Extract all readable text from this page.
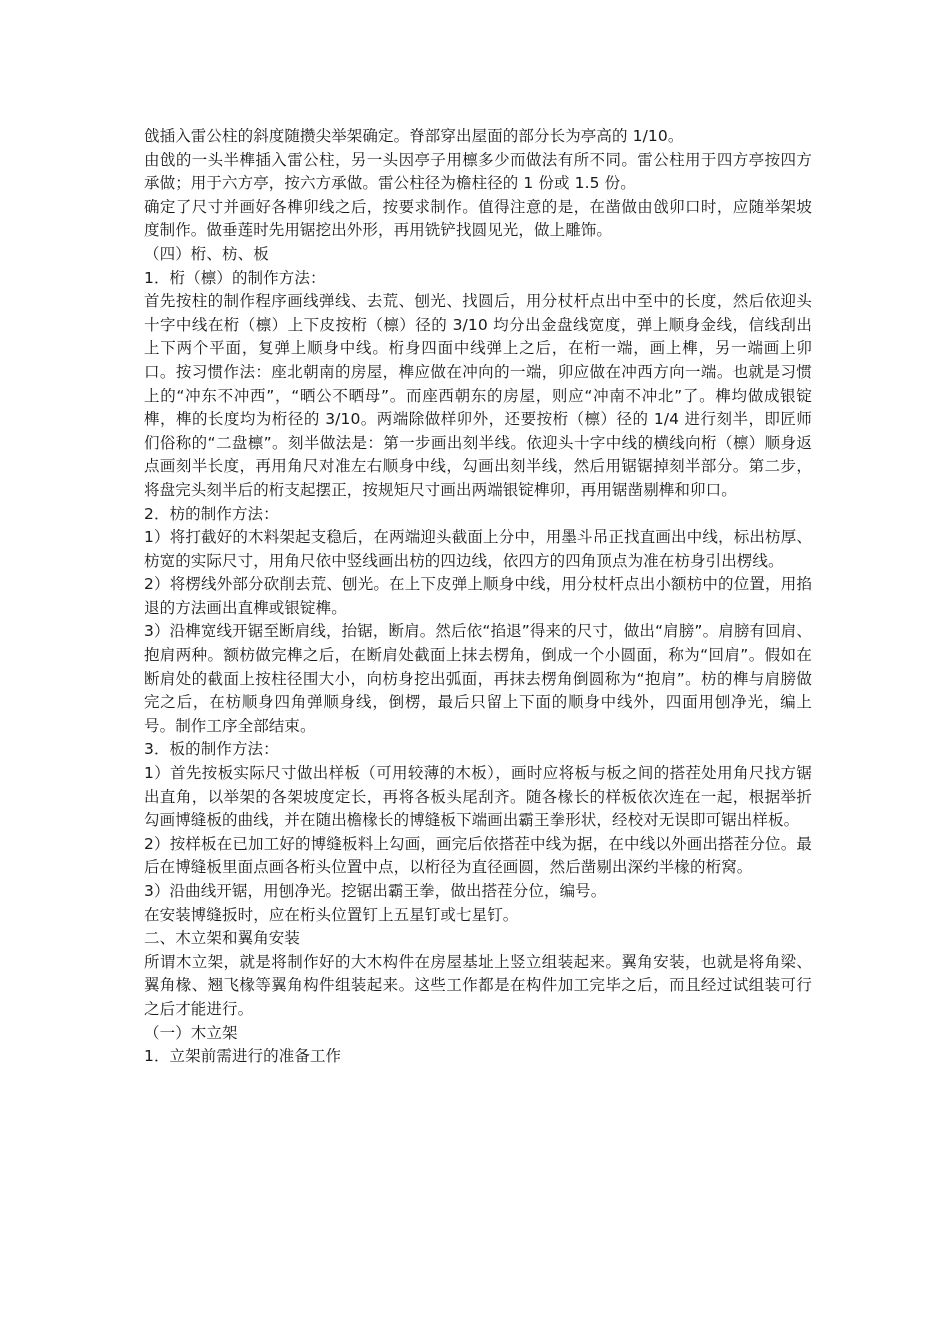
戗插入雷公柱的斜度随攒尖举架确定。脊部穿出屋面的部分长为亭高的 1/10。

由戗的一头半榫插入雷公柱，另一头因亭子用檩多少而做法有所不同。雷公柱用于四方亭按四方承做；用于六方亭，按六方承做。雷公柱径为檐柱径的 1 份或 1.5 份。

确定了尺寸并画好各榫卯线之后，按要求制作。值得注意的是，在凿做由戗卯口时，应随举架坡度制作。做垂莲时先用锯挖出外形，再用铣铲找圆见光，做上雕饰。

（四）桁、枋、板

1．桁（檩）的制作方法：

首先按柱的制作程序画线弹线、去荒、刨光、找圆后，用分杖杆点出中至中的长度，然后依迎头十字中线在桁（檩）上下皮按桁（檩）径的 3/10 均分出金盘线宽度，弹上顺身金线，信线刮出上下两个平面，复弹上顺身中线。桁身四面中线弹上之后，在桁一端，画上榫，另一端画上卯口。按习惯作法：座北朝南的房屋，榫应做在冲向的一端，卯应做在冲西方向一端。也就是习惯上的“冲东不冲西”，“晒公不晒母”。而座西朝东的房屋，则应“冲南不冲北”了。榫均做成银锭榫，榫的长度均为桁径的 3/10。两端除做样卯外，还要按桁（檩）径的 1/4 进行刻半，即匠师们俗称的“二盘檩”。刻半做法是：第一步画出刻半线。依迎头十字中线的横线向桁（檩）顺身返点画刻半长度，再用角尺对准左右顺身中线，勾画出刻半线，然后用锯锯掉刻半部分。第二步，将盘完头刻半后的桁支起摆正，按规矩尺寸画出两端银锭榫卯，再用锯凿剔榫和卯口。

2．枋的制作方法：

1）将打截好的木料架起支稳后，在两端迎头截面上分中，用墨斗吊正找直画出中线，标出枋厚、枋宽的实际尺寸，用角尺依中竖线画出枋的四边线，依四方的四角顶点为准在枋身引出楞线。

2）将楞线外部分砍削去荒、刨光。在上下皮弹上顺身中线，用分杖杆点出小额枋中的位置，用掐退的方法画出直榫或银锭榫。

3）沿榫宽线开锯至断肩线，抬锯，断肩。然后依“掐退”得来的尺寸，做出“肩膀”。肩膀有回肩、抱肩两种。额枋做完榫之后，在断肩处截面上抹去楞角，倒成一个小圆面，称为“回肩”。假如在断肩处的截面上按柱径围大小，向枋身挖出弧面，再抹去楞角倒圆称为“抱肩”。枋的榫与肩膀做完之后，在枋顺身四角弹顺身线，倒楞，最后只留上下面的顺身中线外，四面用刨净光，编上号。制作工序全部结束。

3．板的制作方法：

1）首先按板实际尺寸做出样板（可用较薄的木板），画时应将板与板之间的搭茬处用角尺找方锯出直角，以举架的各架坡度定长，再将各板头尾刮齐。随各椽长的样板依次连在一起，根据举折勾画博缝板的曲线，并在随出檐椽长的博缝板下端画出霸王拳形状，经校对无误即可锯出样板。

2）按样板在已加工好的博缝板料上勾画，画完后依搭茬中线为据，在中线以外画出搭茬分位。最后在博缝板里面点画各桁头位置中点，以桁径为直径画圆，然后凿剔出深约半椽的桁窝。

3）沿曲线开锯，用刨净光。挖锯出霸王拳，做出搭茬分位，编号。

在安装博缝扳时，应在桁头位置钉上五星钉或七星钉。

二、木立架和翼角安装

所谓木立架，就是将制作好的大木构件在房屋基址上竖立组装起来。翼角安装，也就是将角梁、翼角椽、翘飞椽等翼角构件组装起来。这些工作都是在构件加工完毕之后，而且经过试组装可行之后才能进行。

（一）木立架

1．立架前需进行的准备工作
